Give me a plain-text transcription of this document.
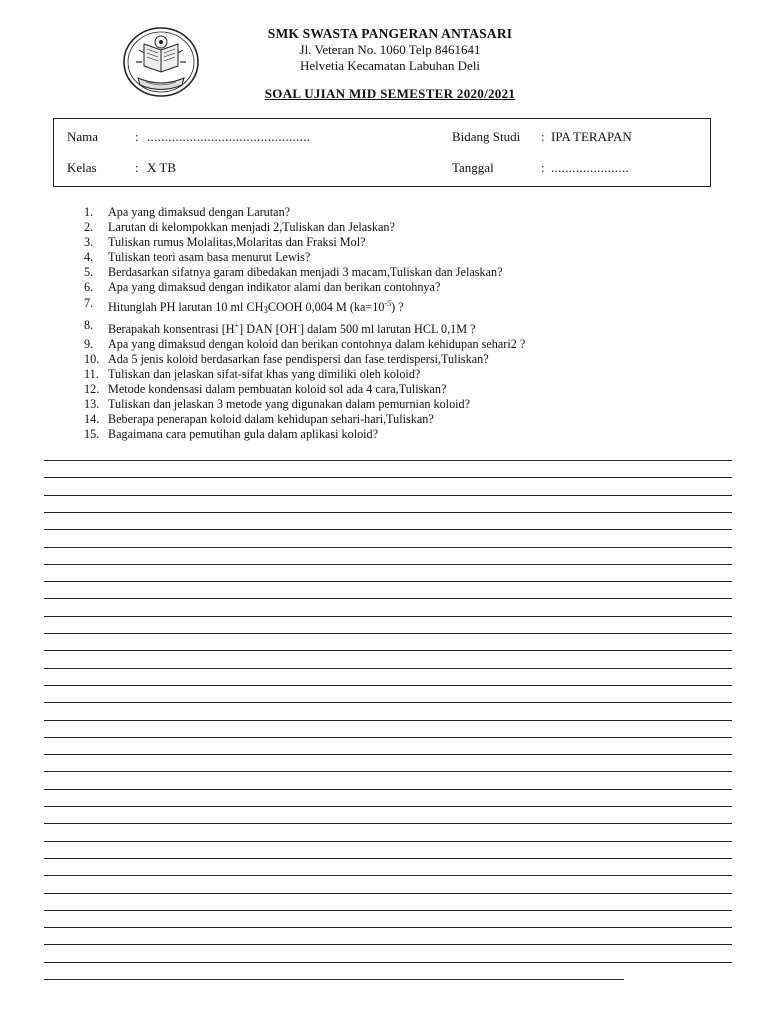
SMK SWASTA PANGERAN ANTASARI
Jl. Veteran No. 1060 Telp 8461641
Helvetia Kecamatan Labuhan Deli
SOAL UJIAN MID SEMESTER 2020/2021
Nama	: ..............................................
Kelas	: X TB
Bidang Studi : IPA TERAPAN
Tanggal	: ......................
1.	Apa yang dimaksud dengan Larutan?
2.	Larutan di kelompokkan menjadi 2,Tuliskan dan Jelaskan?
3.	Tuliskan rumus Molalitas,Molaritas dan Fraksi Mol?
4.	Tuliskan teori asam basa menurut Lewis?
5.	Berdasarkan sifatnya garam dibedakan menjadi 3 macam,Tuliskan dan Jelaskan?
6.	Apa yang dimaksud dengan indikator alami dan berikan contohnya?
7.	Hitunglah PH larutan 10 ml $CH_3COOH$ 0,004 M $(ka=10^{-5})$ ?
8.	Berapakah konsentrasi [H+] DAN [OH-] dalam 500 ml larutan HCL 0,1M ?
9.	Apa yang dimaksud dengan koloid dan berikan contohnya dalam kehidupan sehari2 ?
10. Ada 5 jenis koloid berdasarkan fase pendispersi dan fase terdispersi,Tuliskan?
11. Tuliskan dan jelaskan sifat-sifat khas yang dimiliki oleh koloid?
12. Metode kondensasi dalam pembuatan koloid sol ada 4 cara,Tuliskan?
13. Tuliskan dan jelaskan 3 metode yang digunakan dalam pemurnian koloid?
14. Beberapa penerapan koloid dalam kehidupan sehari-hari,Tuliskan?
15. Bagaimana cara pemutihan gula dalam aplikasi koloid?
